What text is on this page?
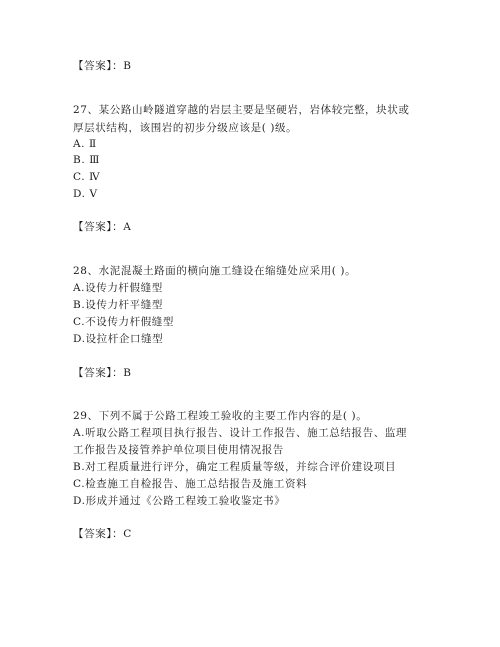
【答案】：B
27、某公路山岭隧道穿越的岩层主要是坚硬岩，岩体较完整，块状或
厚层状结构，该围岩的初步分级应该是( )级。
A. Ⅱ
B. Ⅲ
C. Ⅳ
D. Ⅴ
【答案】：A
28、水泥混凝土路面的横向施工缝设在缩缝处应采用( )。
A.设传力杆假缝型
B.设传力杆平缝型
C.不设传力杆假缝型
D.设拉杆企口缝型
【答案】：B
29、下列不属于公路工程竣工验收的主要工作内容的是( )。
A.听取公路工程项目执行报告、设计工作报告、施工总结报告、监理
工作报告及接管养护单位项目使用情况报告
B.对工程质量进行评分，确定工程质量等级，并综合评价建设项目
C.检查施工自检报告、施工总结报告及施工资料
D.形成并通过《公路工程竣工验收鉴定书》
【答案】：C
